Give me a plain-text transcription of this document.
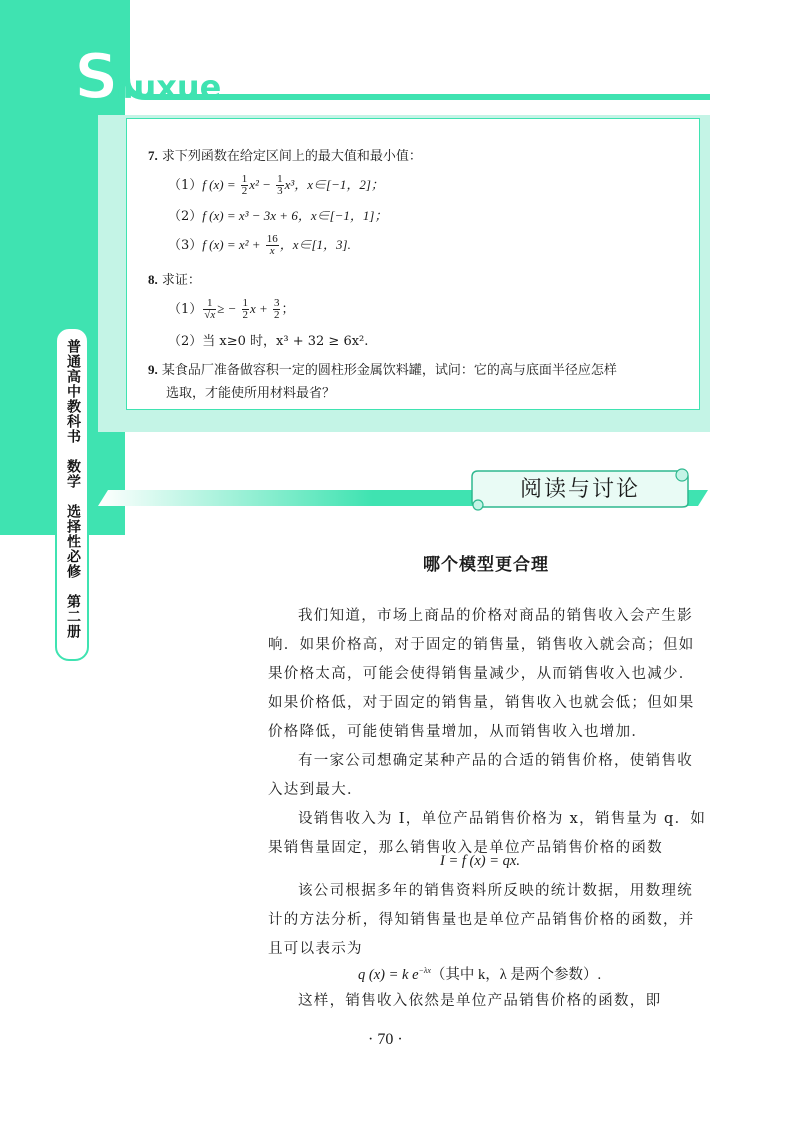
Shuxue
7. 求下列函数在给定区间上的最大值和最小值：
（1）f $(x) = \frac{1}{2} x^2 - \frac{1}{3} x^3$，x∈[−1，2]；
（2）f (x) = x³ − 3x + 6，x∈[−1，1]；
（3）f $(x) = x^2 + \frac{16}{x}$ ，x∈[1，3].
8. 求证：
$(1) \frac{1}{√x}$ ≥ − $\frac{1}{2}$ $x + \frac{3}{2}$ ；
（2）当 x≥0 时，x³ + 32 ≥ 6x².
9. 某食品厂准备做容积一定的圆柱形金属饮料罐，试问：它的高与底面半径应怎样
选取，才能使所用材料最省？
普通高中教科书　数学　选择性必修　第二册	阅读与讨论
哪个模型更合理
我们知道，市场上商品的价格对商品的销售收入会产生影响．如果价格高，对于固定的销售量，销售收入就会高；但如果价格太高，可能会使得销售量减少，从而销售收入也减少．如果价格低，对于固定的销售量，销售收入也就会低；但如果价格降低，可能使销售量增加，从而销售收入也增加．
有一家公司想确定某种产品的合适的销售价格，使销售收入达到最大．
设销售收入为 I，单位产品销售价格为 x，销售量为 q．如果销售量固定，那么销售收入是单位产品销售价格的函数
I = f (x) = qx.
该公司根据多年的销售资料所反映的统计数据，用数理统计的方法分析，得知销售量也是单位产品销售价格的函数，并且可以表示为
q (x) = k $e^{-\lambda x}$（其中 k，λ 是两个参数）.
这样，销售收入依然是单位产品销售价格的函数，即
· 70 ·
